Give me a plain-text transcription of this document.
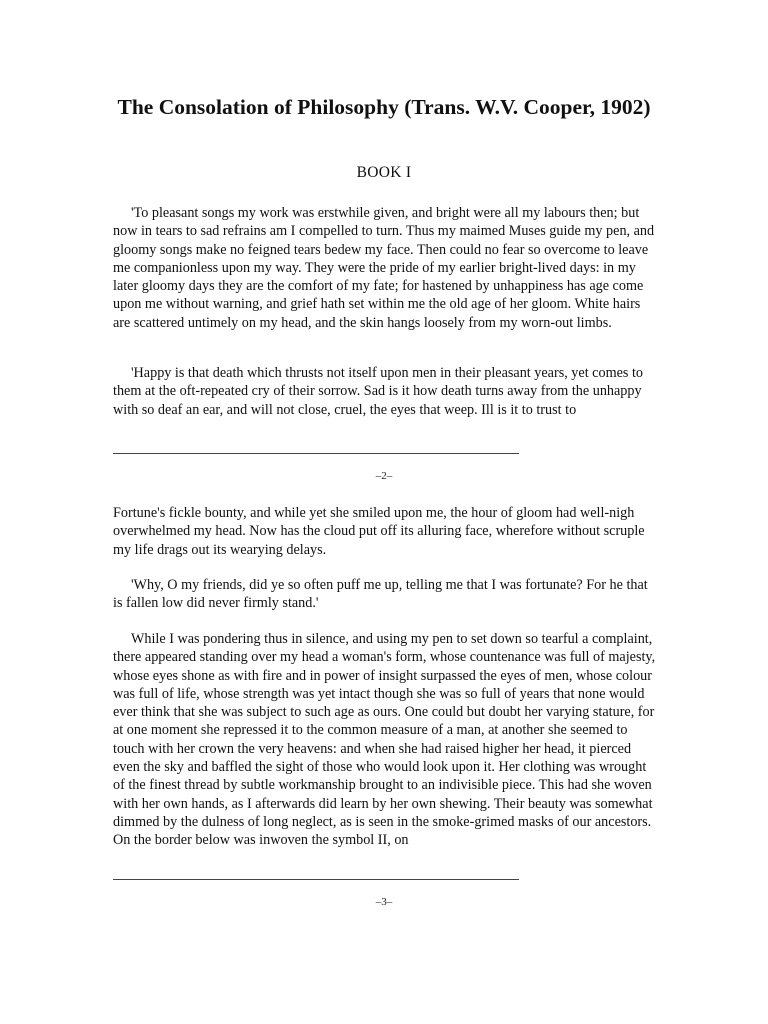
The Consolation of Philosophy (Trans. W.V. Cooper, 1902)
BOOK I

'To pleasant songs my work was erstwhile given, and bright were all my labours then; but now in tears to sad refrains am I compelled to turn. Thus my maimed Muses guide my pen, and gloomy songs make no feigned tears bedew my face. Then could no fear so overcome to leave me companionless upon my way. They were the pride of my earlier bright-lived days: in my later gloomy days they are the comfort of my fate; for hastened by unhappiness has age come upon me without warning, and grief hath set within me the old age of her gloom. White hairs are scattered untimely on my head, and the skin hangs loosely from my worn-out limbs.

'Happy is that death which thrusts not itself upon men in their pleasant years, yet comes to them at the oft-repeated cry of their sorrow. Sad is it how death turns away from the unhappy with so deaf an ear, and will not close, cruel, the eyes that weep. Ill is it to trust to

–2–

Fortune's fickle bounty, and while yet she smiled upon me, the hour of gloom had well-nigh overwhelmed my head. Now has the cloud put off its alluring face, wherefore without scruple my life drags out its wearying delays.

'Why, O my friends, did ye so often puff me up, telling me that I was fortunate? For he that is fallen low did never firmly stand.'

While I was pondering thus in silence, and using my pen to set down so tearful a complaint, there appeared standing over my head a woman's form, whose countenance was full of majesty, whose eyes shone as with fire and in power of insight surpassed the eyes of men, whose colour was full of life, whose strength was yet intact though she was so full of years that none would ever think that she was subject to such age as ours. One could but doubt her varying stature, for at one moment she repressed it to the common measure of a man, at another she seemed to touch with her crown the very heavens: and when she had raised higher her head, it pierced even the sky and baffled the sight of those who would look upon it. Her clothing was wrought of the finest thread by subtle workmanship brought to an indivisible piece. This had she woven with her own hands, as I afterwards did learn by her own shewing. Their beauty was somewhat dimmed by the dulness of long neglect, as is seen in the smoke-grimed masks of our ancestors. On the border below was inwoven the symbol II, on

–3–
